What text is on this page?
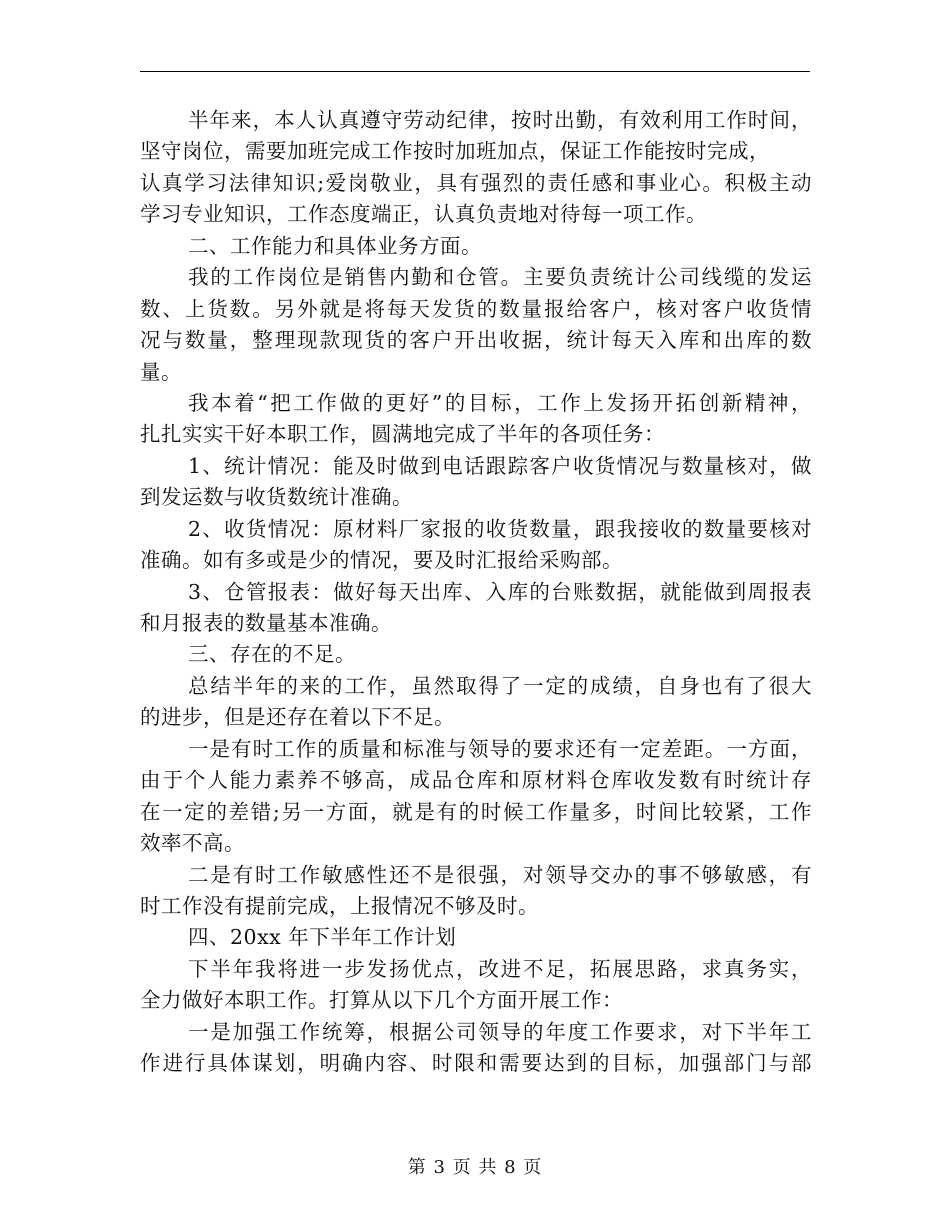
半年来，本人认真遵守劳动纪律，按时出勤，有效利用工作时间，
坚守岗位，需要加班完成工作按时加班加点，保证工作能按时完成，
认真学习法律知识;爱岗敬业，具有强烈的责任感和事业心。积极主动
学习专业知识，工作态度端正，认真负责地对待每一项工作。
二、工作能力和具体业务方面。
我的工作岗位是销售内勤和仓管。主要负责统计公司线缆的发运
数、上货数。另外就是将每天发货的数量报给客户，核对客户收货情
况与数量，整理现款现货的客户开出收据，统计每天入库和出库的数
量。
我本着“把工作做的更好”的目标，工作上发扬开拓创新精神，
扎扎实实干好本职工作，圆满地完成了半年的各项任务：
1、统计情况：能及时做到电话跟踪客户收货情况与数量核对，做
到发运数与收货数统计准确。
2、收货情况：原材料厂家报的收货数量，跟我接收的数量要核对
准确。如有多或是少的情况，要及时汇报给采购部。
3、仓管报表：做好每天出库、入库的台账数据，就能做到周报表
和月报表的数量基本准确。
三、存在的不足。
总结半年的来的工作，虽然取得了一定的成绩，自身也有了很大
的进步，但是还存在着以下不足。
一是有时工作的质量和标准与领导的要求还有一定差距。一方面，
由于个人能力素养不够高，成品仓库和原材料仓库收发数有时统计存
在一定的差错;另一方面，就是有的时候工作量多，时间比较紧，工作
效率不高。
二是有时工作敏感性还不是很强，对领导交办的事不够敏感，有
时工作没有提前完成，上报情况不够及时。
四、20xx 年下半年工作计划
下半年我将进一步发扬优点，改进不足，拓展思路，求真务实，
全力做好本职工作。打算从以下几个方面开展工作：
一是加强工作统筹，根据公司领导的年度工作要求，对下半年工
作进行具体谋划，明确内容、时限和需要达到的目标，加强部门与部
第 3 页 共 8 页
